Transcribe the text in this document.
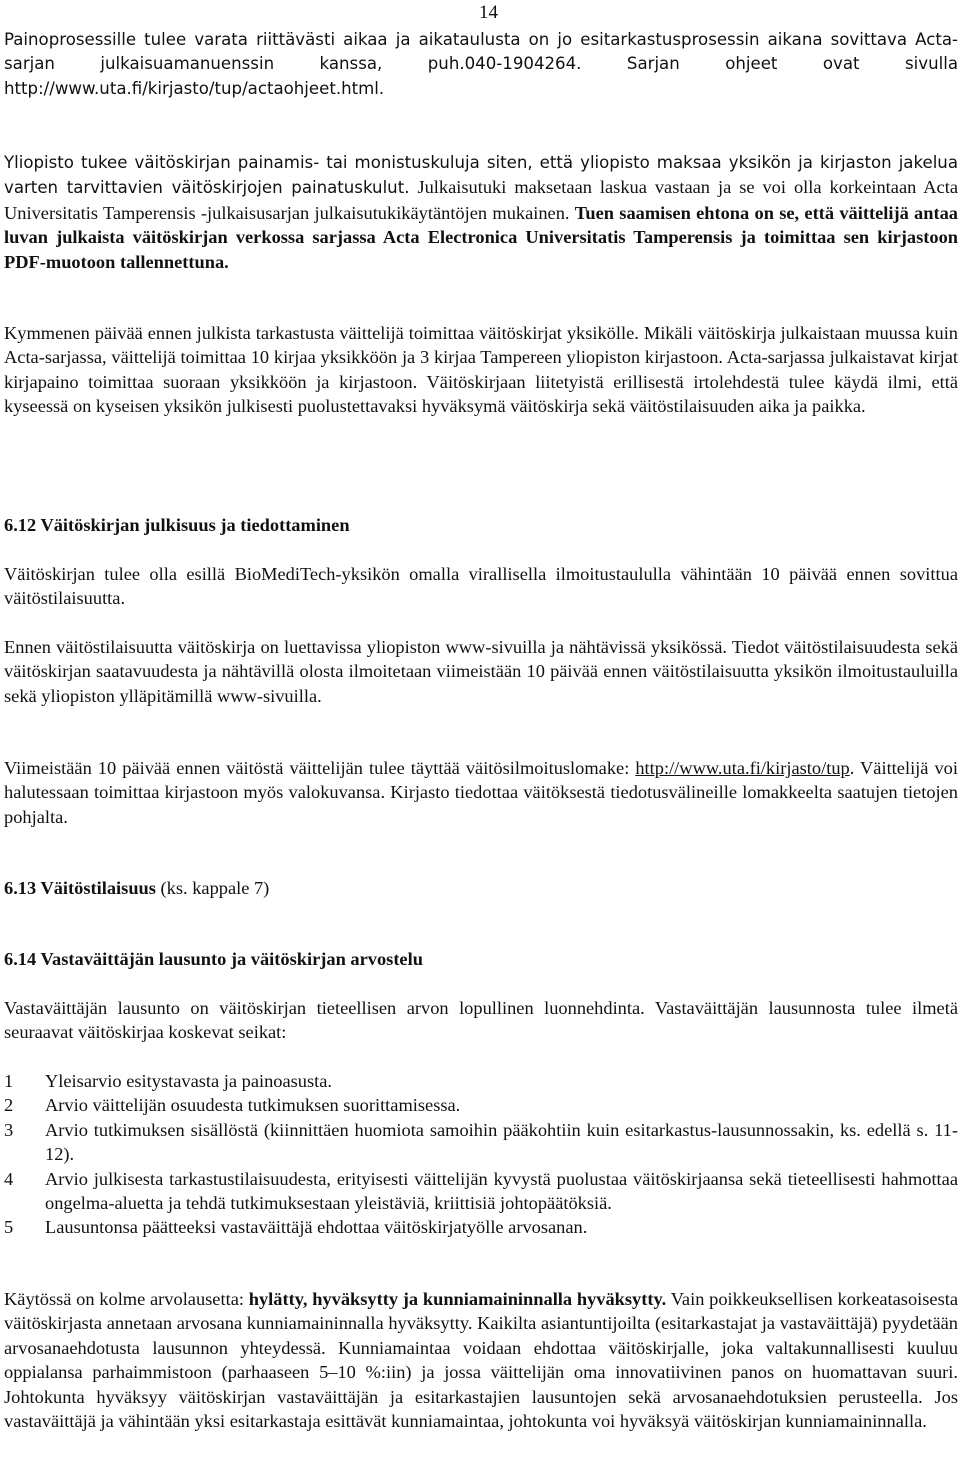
14

Painoprosessille tulee varata riittävästi aikaa ja aikataulusta on jo esitarkastusprosessin aikana sovittava Acta-sarjan julkaisuamanuenssin kanssa, puh.040-1904264. Sarjan ohjeet ovat sivulla http://www.uta.fi/kirjasto/tup/actaohjeet.html.

Yliopisto tukee väitöskirjan painamis- tai monistuskuluja siten, että yliopisto maksaa yksikön ja kirjaston jakelua varten tarvittavien väitöskirjojen painatuskulut. Julkaisutuki maksetaan laskua vastaan ja se voi olla korkeintaan Acta Universitatis Tamperensis -julkaisusarjan julkaisutukikäytäntöjen mukainen. Tuen saamisen ehtona on se, että väittelijä antaa luvan julkaista väitöskirjan verkossa sarjassa Acta Electronica Universitatis Tamperensis ja toimittaa sen kirjastoon PDF-muotoon tallennettuna.

Kymmenen päivää ennen julkista tarkastusta väittelijä toimittaa väitöskirjat yksikölle. Mikäli väitöskirja julkaistaan muussa kuin Acta-sarjassa, väittelijä toimittaa 10 kirjaa yksikköön ja 3 kirjaa Tampereen yliopiston kirjastoon. Acta-sarjassa julkaistavat kirjat kirjapaino toimittaa suoraan yksikköön ja kirjastoon. Väitöskirjaan liitetyistä erillisestä irtolehdestä tulee käydä ilmi, että kyseessä on kyseisen yksikön julkisesti puolustettavaksi hyväksymä väitöskirja sekä väitöstilaisuuden aika ja paikka.

6.12 Väitöskirjan julkisuus ja tiedottaminen

Väitöskirjan tulee olla esillä BioMediTech-yksikön omalla virallisella ilmoitustaululla vähintään 10 päivää ennen sovittua väitöstilaisuutta.

Ennen väitöstilaisuutta väitöskirja on luettavissa yliopiston www-sivuilla ja nähtävissä yksikössä. Tiedot väitöstilaisuudesta sekä väitöskirjan saatavuudesta ja nähtävillä olosta ilmoitetaan viimeistään 10 päivää ennen väitöstilaisuutta yksikön ilmoitustauluilla sekä yliopiston ylläpitämillä www-sivuilla.

Viimeistään 10 päivää ennen väitöstä väittelijän tulee täyttää väitösilmoituslomake: http://www.uta.fi/kirjasto/tup. Väittelijä voi halutessaan toimittaa kirjastoon myös valokuvansa. Kirjasto tiedottaa väitöksestä tiedotusvälineille lomakkeelta saatujen tietojen pohjalta.

6.13 Väitöstilaisuus (ks. kappale 7)
6.14 Vastaväittäjän lausunto ja väitöskirjan arvostelu

Vastaväittäjän lausunto on väitöskirjan tieteellisen arvon lopullinen luonnehdinta. Vastaväittäjän lausunnosta tulee ilmetä seuraavat väitöskirjaa koskevat seikat:

1 Yleisarvio esitystavasta ja painoasusta.
2 Arvio väittelijän osuudesta tutkimuksen suorittamisessa.
3 Arvio tutkimuksen sisällöstä (kiinnittäen huomiota samoihin pääkohtiin kuin esitarkastus-lausunnossakin, ks. edellä s. 11-12).
4 Arvio julkisesta tarkastustilaisuudesta, erityisesti väittelijän kyvystä puolustaa väitöskirjaansa sekä tieteellisesti hahmottaa ongelma-aluetta ja tehdä tutkimuksestaan yleistäviä, kriittisiä johtopäätöksiä.
5 Lausuntonsa päätteeksi vastaväittäjä ehdottaa väitöskirjatyölle arvosanan.

Käytössä on kolme arvolausetta: hylätty, hyväksytty ja kunniamaininnalla hyväksytty. Vain poikkeuksellisen korkeatasoisesta väitöskirjasta annetaan arvosana kunniamaininnalla hyväksytty. Kaikilta asiantuntijoilta (esitarkastajat ja vastaväittäjä) pyydetään arvosanaehdotusta lausunnon yhteydessä. Kunniamaintaa voidaan ehdottaa väitöskirjalle, joka valtakunnallisesti kuuluu oppialansa parhaimmistoon (parhaaseen 5–10 %:iin) ja jossa väittelijän oma innovatiivinen panos on huomattavan suuri. Johtokunta hyväksyy väitöskirjan vastaväittäjän ja esitarkastajien lausuntojen sekä arvosanaehdotuksien perusteella. Jos vastaväittäjä ja vähintään yksi esitarkastaja esittävät kunniamaintaa, johtokunta voi hyväksyä väitöskirjan kunniamaininnalla.
